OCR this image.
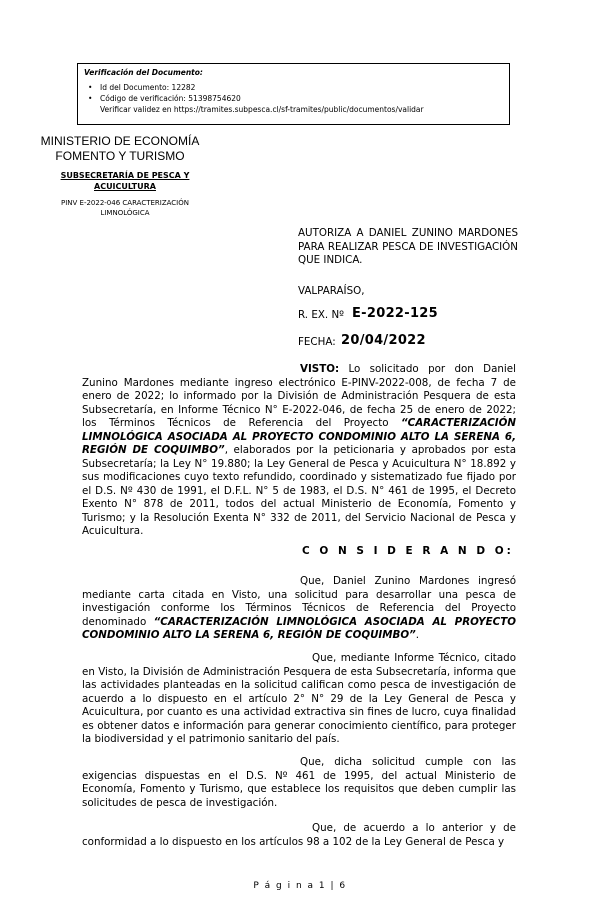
Verificación del Documento:
• Id del Documento: 12282
• Código de verificación: 51398754620
• Verificar validez en https://tramites.subpesca.cl/sf-tramites/public/documentos/validar
MINISTERIO DE ECONOMÍA
FOMENTO Y TURISMO
SUBSECRETARÍA DE PESCA Y
ACUICULTURA
PINV E-2022-046 CARACTERIZACIÓN
LIMNOLÓGICA
AUTORIZA A DANIEL ZUNINO MARDONES PARA REALIZAR PESCA DE INVESTIGACIÓN QUE INDICA.
VALPARAÍSO,
R. EX. Nº E-2022-125
FECHA: 20/04/2022
VISTO: Lo solicitado por don Daniel Zunino Mardones mediante ingreso electrónico E-PINV-2022-008, de fecha 7 de enero de 2022; lo informado por la División de Administración Pesquera de esta Subsecretaría, en Informe Técnico N° E-2022-046, de fecha 25 de enero de 2022; los Términos Técnicos de Referencia del Proyecto “CARACTERIZACIÓN LIMNOLÓGICA ASOCIADA AL PROYECTO CONDOMINIO ALTO LA SERENA 6, REGIÓN DE COQUIMBO”, elaborados por la peticionaria y aprobados por esta Subsecretaría; la Ley N° 19.880; la Ley General de Pesca y Acuicultura N° 18.892 y sus modificaciones cuyo texto refundido, coordinado y sistematizado fue fijado por el D.S. Nº 430 de 1991, el D.F.L. N° 5 de 1983, el D.S. N° 461 de 1995, el Decreto Exento N° 878 de 2011, todos del actual Ministerio de Economía, Fomento y Turismo; y la Resolución Exenta N° 332 de 2011, del Servicio Nacional de Pesca y Acuicultura.
C O N S I D E R A N D O:
Que, Daniel Zunino Mardones ingresó mediante carta citada en Visto, una solicitud para desarrollar una pesca de investigación conforme los Términos Técnicos de Referencia del Proyecto denominado “CARACTERIZACIÓN LIMNOLÓGICA ASOCIADA AL PROYECTO CONDOMINIO ALTO LA SERENA 6, REGIÓN DE COQUIMBO”.
Que, mediante Informe Técnico, citado en Visto, la División de Administración Pesquera de esta Subsecretaría, informa que las actividades planteadas en la solicitud califican como pesca de investigación de acuerdo a lo dispuesto en el artículo 2° N° 29 de la Ley General de Pesca y Acuicultura, por cuanto es una actividad extractiva sin fines de lucro, cuya finalidad es obtener datos e información para generar conocimiento científico, para proteger la biodiversidad y el patrimonio sanitario del país.
Que, dicha solicitud cumple con las exigencias dispuestas en el D.S. Nº 461 de 1995, del actual Ministerio de Economía, Fomento y Turismo, que establece los requisitos que deben cumplir las solicitudes de pesca de investigación.
Que, de acuerdo a lo anterior y de conformidad a lo dispuesto en los artículos 98 a 102 de la Ley General de Pesca y
P á g i n a 1 | 6
